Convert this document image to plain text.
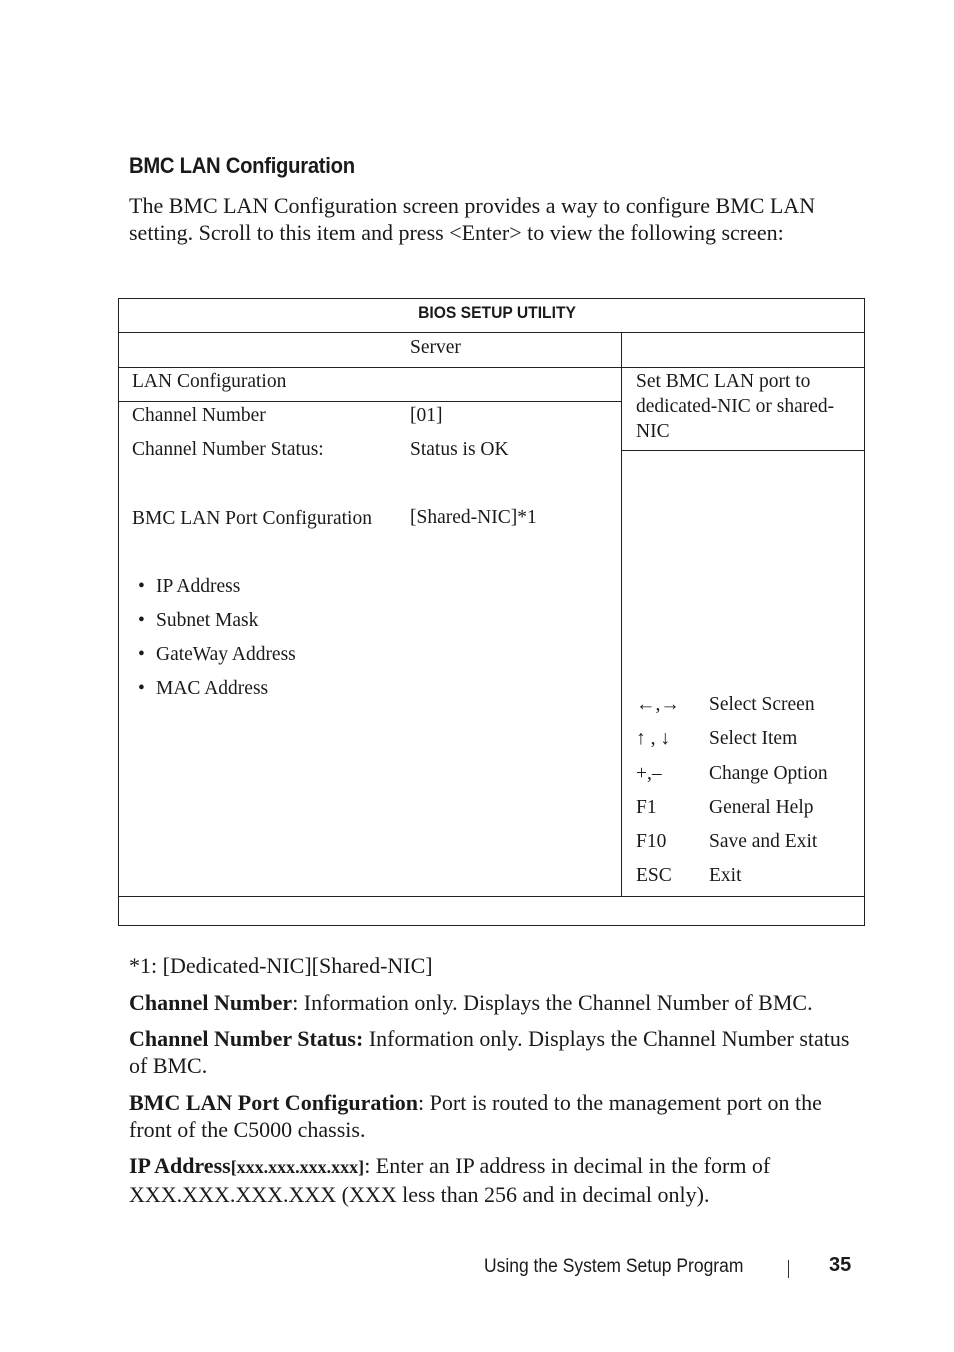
BMC LAN Configuration
The BMC LAN Configuration screen provides a way to configure BMC LAN
setting. Scroll to this item and press <Enter> to view the following screen:
BIOS SETUP UTILITY
Server
LAN Configuration
Channel Number	[01]
Channel Number Status:	Status is OK
BMC LAN Port Configuration [Shared-NIC]*1
• IP Address
• Subnet Mask
• GateWay Address
• MAC Address
Set BMC LAN port to
dedicated-NIC or shared-
NIC
←,→ Select Screen
↑ , ↓ Select Item
+,– Change Option
F1	General Help
F10 Save and Exit
ESC Exit
*1: [Dedicated-NIC][Shared-NIC]
Channel Number: Information only. Displays the Channel Number of BMC.
Channel Number Status: Information only. Displays the Channel Number status of BMC.
BMC LAN Port Configuration: Port is routed to the management port on the front of the C5000 chassis.
IP Address[xxx.xxx.xxx.xxx]: Enter an IP address in decimal in the form of XXX.XXX.XXX.XXX (XXX less than 256 and in decimal only).
Using the System Setup Program	35
